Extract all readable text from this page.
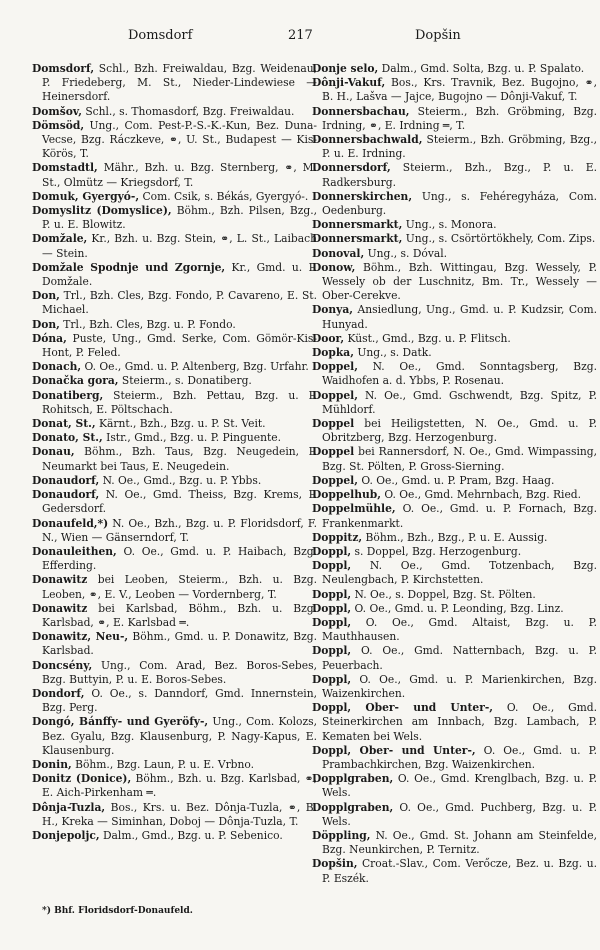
Domsdorf	217	Dopšin

Domsdorf, Schl., Bzh. Freiwaldau, Bzg. Weidenau, P. Friedeberg, M. St., Nieder-Lindewiese — Heinersdorf.

Domšov, Schl., s. Thomasdorf, Bzg. Freiwaldau.

Dömsöd, Ung., Com. Pest-P.-S.-K.-Kun, Bez. Duna-Vecse, Bzg. Ráczkeve, ⚭, U. St., Budapest — Kis-Körös, T.

Domstadtl, Mähr., Bzh. u. Bzg. Sternberg, ⚭, M. St., Olmütz — Kriegsdorf, T.

Domuk, Gyergyó-, Com. Csik, s. Békás, Gyergyó-.

Domyslitz (Domyslice), Böhm., Bzh. Pilsen, Bzg., P. u. E. Blowitz.

Domžale, Kr., Bzh. u. Bzg. Stein, ⚭, L. St., Laibach — Stein.

Domžale Spodnje und Zgornje, Kr., Gmd. u. P. Domžale.

Don, Trl., Bzh. Cles, Bzg. Fondo, P. Cavareno, E. St. Michael.

Don, Trl., Bzh. Cles, Bzg. u. P. Fondo.

Dóna, Puste, Ung., Gmd. Serke, Com. Gömör-Kis-Hont, P. Feled.

Donach, O. Oe., Gmd. u. P. Altenberg, Bzg. Urfahr.

Donačka gora, Steierm., s. Donatiberg.

Donatiberg, Steierm., Bzh. Pettau, Bzg. u. P. Rohitsch, E. Pöltschach.

Donat, St., Kärnt., Bzh., Bzg. u. P. St. Veit.

Donato, St., Istr., Gmd., Bzg. u. P. Pinguente.

Donau, Böhm., Bzh. Taus, Bzg. Neugedein, P. Neumarkt bei Taus, E. Neugedein.

Donaudorf, N. Oe., Gmd., Bzg. u. P. Ybbs.

Donaudorf, N. Oe., Gmd. Theiss, Bzg. Krems, P. Gedersdorf.

Donaufeld,*) N. Oe., Bzh., Bzg. u. P. Floridsdorf, F. N., Wien — Gänserndorf, T.

Donauleithen, O. Oe., Gmd. u. P. Haibach, Bzg. Efferding.

Donawitz bei Leoben, Steierm., Bzh. u. Bzg. Leoben, ⚭, E. V., Leoben — Vordernberg, T.

Donawitz bei Karlsbad, Böhm., Bzh. u. Bzg. Karlsbad, ⚭, E. Karlsbad ═.

Donawitz, Neu-, Böhm., Gmd. u. P. Donawitz, Bzg. Karlsbad.

Doncsény, Ung., Com. Arad, Bez. Boros-Sebes, Bzg. Buttyin, P. u. E. Boros-Sebes.

Dondorf, O. Oe., s. Danndorf, Gmd. Innernstein, Bzg. Perg.

Dongó, Bánffy- und Gyeröfy-, Ung., Com. Kolozs, Bez. Gyalu, Bzg. Klausenburg, P. Nagy-Kapus, E. Klausenburg.

Donin, Böhm., Bzg. Laun, P. u. E. Vrbno.

Donitz (Donice), Böhm., Bzh. u. Bzg. Karlsbad, ⚭, E. Aich-Pirkenham ═.

Dônja-Tuzla, Bos., Krs. u. Bez. Dônja-Tuzla, ⚭, B. H., Kreka — Siminhan, Doboj — Dônja-Tuzla, T.

Donjepoljc, Dalm., Gmd., Bzg. u. P. Sebenico.

Donje selo, Dalm., Gmd. Solta, Bzg. u. P. Spalato.

Dônji-Vakuf, Bos., Krs. Travnik, Bez. Bugojno, ⚭, B. H., Lašva — Jajce, Bugojno — Dônji-Vakuf, T.

Donnersbachau, Steierm., Bzh. Gröbming, Bzg. Irdning, ⚭, E. Irdning ═, T.

Donnersbachwald, Steierm., Bzh. Gröbming, Bzg., P. u. E. Irdning.

Donnersdorf, Steierm., Bzh., Bzg., P. u. E. Radkersburg.

Donnerskirchen, Ung., s. Fehéregyháza, Com. Oedenburg.

Donnersmarkt, Ung., s. Monora.

Donnersmarkt, Ung., s. Csörtörtökhely, Com. Zips.

Donoval, Ung., s. Dóval.

Donow, Böhm., Bzh. Wittingau, Bzg. Wessely, P. Wessely ob der Luschnitz, Bm. Tr., Wessely — Ober-Cerekve.

Donya, Ansiedlung, Ung., Gmd. u. P. Kudzsir, Com. Hunyad.

Door, Küst., Gmd., Bzg. u. P. Flitsch.

Dopka, Ung., s. Datk.

Doppel, N. Oe., Gmd. Sonntagsberg, Bzg. Waidhofen a. d. Ybbs, P. Rosenau.

Doppel, N. Oe., Gmd. Gschwendt, Bzg. Spitz, P. Mühldorf.

Doppel bei Heiligstetten, N. Oe., Gmd. u. P. Obritzberg, Bzg. Herzogenburg.

Doppel bei Rannersdorf, N. Oe., Gmd. Wimpassing, Bzg. St. Pölten, P. Gross-Sierning.

Doppel, O. Oe., Gmd. u. P. Pram, Bzg. Haag.

Doppelhub, O. Oe., Gmd. Mehrnbach, Bzg. Ried.

Doppelmühle, O. Oe., Gmd. u. P. Fornach, Bzg. Frankenmarkt.

Doppitz, Böhm., Bzh., Bzg., P. u. E. Aussig.

Doppl, s. Doppel, Bzg. Herzogenburg.

Doppl, N. Oe., Gmd. Totzenbach, Bzg. Neulengbach, P. Kirchstetten.

Doppl, N. Oe., s. Doppel, Bzg. St. Pölten.

Doppl, O. Oe., Gmd. u. P. Leonding, Bzg. Linz.

Doppl, O. Oe., Gmd. Altaist, Bzg. u. P. Mauthhausen.

Doppl, O. Oe., Gmd. Natternbach, Bzg. u. P. Peuerbach.

Doppl, O. Oe., Gmd. u. P. Marienkirchen, Bzg. Waizenkirchen.

Doppl, Ober- und Unter-, O. Oe., Gmd. Steinerkirchen am Innbach, Bzg. Lambach, P. Kematen bei Wels.

Doppl, Ober- und Unter-, O. Oe., Gmd. u. P. Prambachkirchen, Bzg. Waizenkirchen.

Dopplgraben, O. Oe., Gmd. Krenglbach, Bzg. u. P. Wels.

Dopplgraben, O. Oe., Gmd. Puchberg, Bzg. u. P. Wels.

Döppling, N. Oe., Gmd. St. Johann am Steinfelde, Bzg. Neunkirchen, P. Ternitz.

Dopšin, Croat.-Slav., Com. Verőcze, Bez. u. Bzg. u. P. Eszék.

*) Bhf. Floridsdorf-Donaufeld.
